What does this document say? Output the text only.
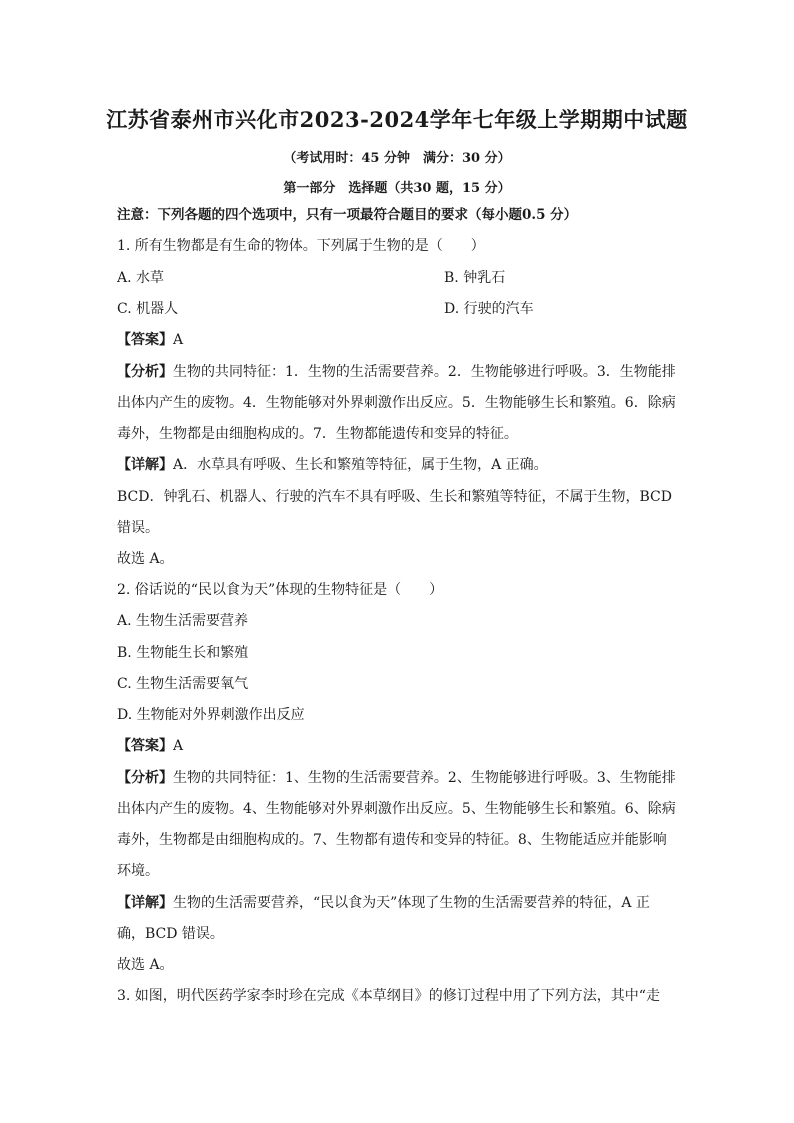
江苏省泰州市兴化市2023-2024学年七年级上学期期中试题
（考试用时：45 分钟　满分：30 分）
第一部分　选择题（共30 题，15 分）
注意：下列各题的四个选项中，只有一项最符合题目的要求（每小题0.5 分）
1. 所有生物都是有生命的物体。下列属于生物的是（　　）
A. 水草	B. 钟乳石
C. 机器人	D. 行驶的汽车
【答案】A
【分析】生物的共同特征：1．生物的生活需要营养。2．生物能够进行呼吸。3．生物能排
出体内产生的废物。4．生物能够对外界刺激作出反应。5．生物能够生长和繁殖。6．除病
毒外，生物都是由细胞构成的。7．生物都能遗传和变异的特征。
【详解】A．水草具有呼吸、生长和繁殖等特征，属于生物，A 正确。
BCD．钟乳石、机器人、行驶的汽车不具有呼吸、生长和繁殖等特征，不属于生物，BCD
错误。
故选 A。
2. 俗话说的“民以食为天”体现的生物特征是（　　）
A. 生物生活需要营养
B. 生物能生长和繁殖
C. 生物生活需要氧气
D. 生物能对外界刺激作出反应
【答案】A
【分析】生物的共同特征：1、生物的生活需要营养。2、生物能够进行呼吸。3、生物能排
出体内产生的废物。4、生物能够对外界刺激作出反应。5、生物能够生长和繁殖。6、除病
毒外，生物都是由细胞构成的。7、生物都有遗传和变异的特征。8、生物能适应并能影响
环境。
【详解】生物的生活需要营养，“民以食为天”体现了生物的生活需要营养的特征，A 正
确，BCD 错误。
故选 A。
3. 如图，明代医药学家李时珍在完成《本草纲目》的修订过程中用了下列方法，其中“走
